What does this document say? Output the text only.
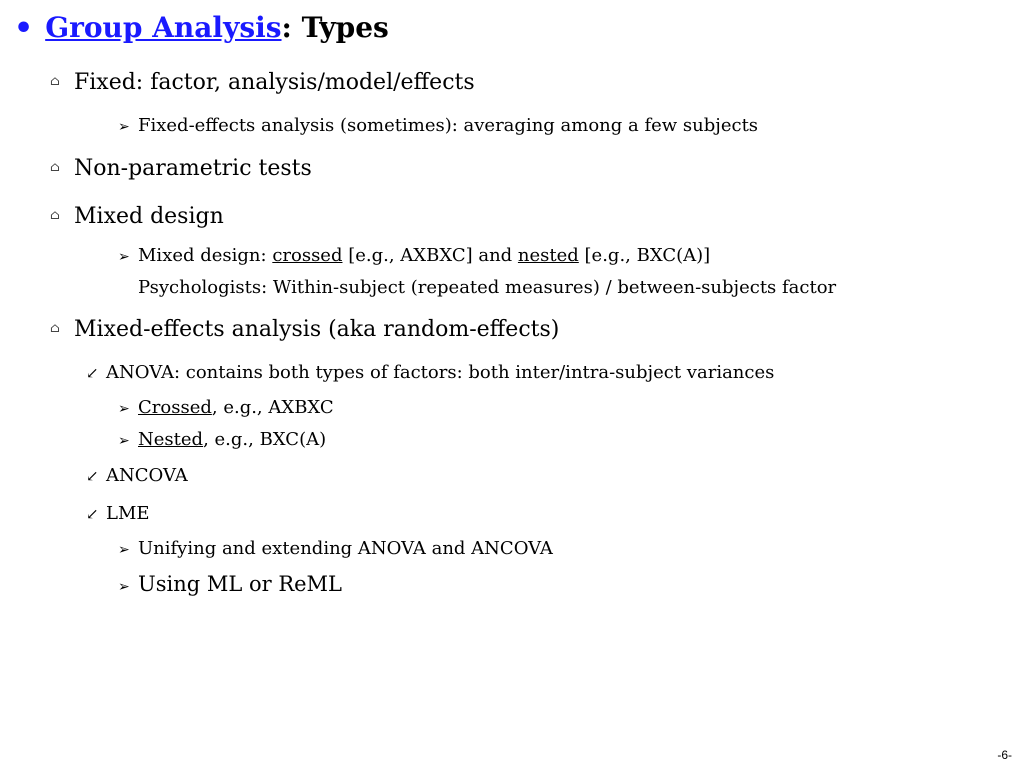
• Group Analysis: Types
⌂ Fixed: factor, analysis/model/effects
➢ Fixed-effects analysis (sometimes): averaging among a few subjects
⌂ Non-parametric tests
⌂ Mixed design
➢ Mixed design: crossed [e.g., AXBXC] and nested [e.g., BXC(A)]
Psychologists: Within-subject (repeated measures) / between-subjects factor
⌂ Mixed-effects analysis (aka random-effects)
↙ ANOVA: contains both types of factors: both inter/intra-subject variances
➢ Crossed, e.g., AXBXC
➢ Nested, e.g., BXC(A)
↙ ANCOVA
↙ LME
➢ Unifying and extending ANOVA and ANCOVA
➢ Using ML or ReML
-6-
